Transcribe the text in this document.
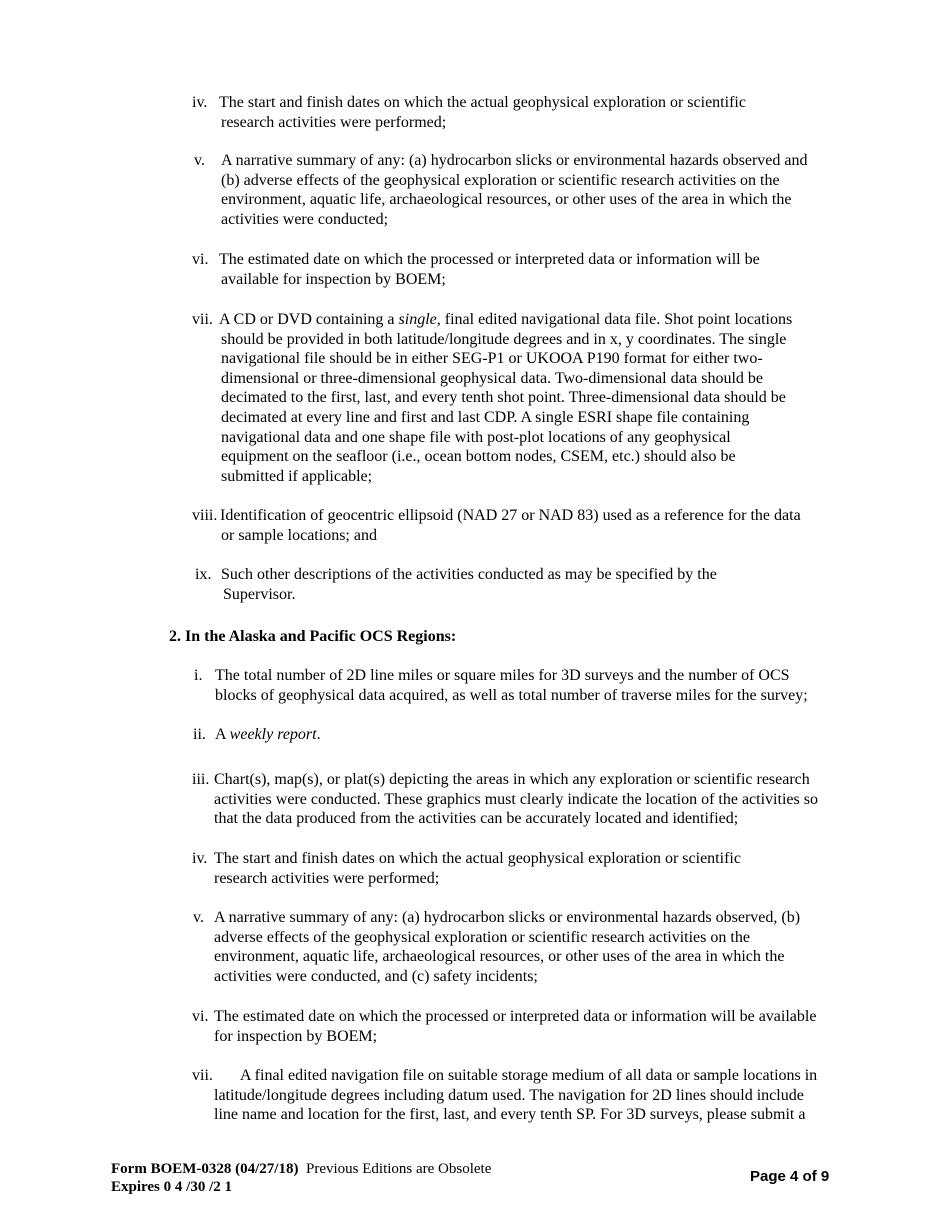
iv. The start and finish dates on which the actual geophysical exploration or scientific
research activities were performed;
v. A narrative summary of any: (a) hydrocarbon slicks or environmental hazards observed and
(b) adverse effects of the geophysical exploration or scientific research activities on the
environment, aquatic life, archaeological resources, or other uses of the area in which the
activities were conducted;
vi. The estimated date on which the processed or interpreted data or information will be
available for inspection by BOEM;
vii. A CD or DVD containing a single, final edited navigational data file. Shot point locations
should be provided in both latitude/longitude degrees and in x, y coordinates. The single
navigational file should be in either SEG-P1 or UKOOA P190 format for either two-
dimensional or three-dimensional geophysical data. Two-dimensional data should be
decimated to the first, last, and every tenth shot point. Three-dimensional data should be
decimated at every line and first and last CDP. A single ESRI shape file containing
navigational data and one shape file with post-plot locations of any geophysical
equipment on the seafloor (i.e., ocean bottom nodes, CSEM, etc.) should also be
submitted if applicable;
viii. Identification of geocentric ellipsoid (NAD 27 or NAD 83) used as a reference for the data
or sample locations; and
ix. Such other descriptions of the activities conducted as may be specified by the
Supervisor.
2. In the Alaska and Pacific OCS Regions:
i. The total number of 2D line miles or square miles for 3D surveys and the number of OCS
blocks of geophysical data acquired, as well as total number of traverse miles for the survey;
ii. A weekly report.
iii. Chart(s), map(s), or plat(s) depicting the areas in which any exploration or scientific research
activities were conducted. These graphics must clearly indicate the location of the activities so
that the data produced from the activities can be accurately located and identified;
iv. The start and finish dates on which the actual geophysical exploration or scientific
research activities were performed;
v. A narrative summary of any: (a) hydrocarbon slicks or environmental hazards observed, (b)
adverse effects of the geophysical exploration or scientific research activities on the
environment, aquatic life, archaeological resources, or other uses of the area in which the
activities were conducted, and (c) safety incidents;
vi. The estimated date on which the processed or interpreted data or information will be available
for inspection by BOEM;
vii. A final edited navigation file on suitable storage medium of all data or sample locations in
latitude/longitude degrees including datum used. The navigation for 2D lines should include
line name and location for the first, last, and every tenth SP. For 3D surveys, please submit a
Form BOEM-0328 (04/27/18) Previous Editions are Obsolete
Expires 0 4 /30 /2 1
Page 4 of 9
